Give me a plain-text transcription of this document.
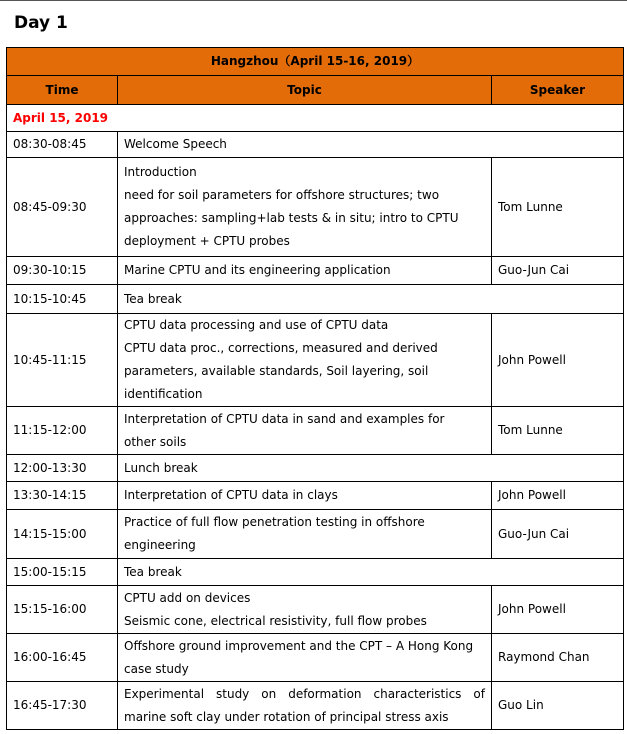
Day 1
Hangzhou（April 15-16, 2019）		
Time	Topic	Speaker
April 15, 2019		
08:30-08:45	Welcome Speech	

08:45-09:30	Introduction
need for soil parameters for offshore structures; two
approaches: sampling+lab tests & in situ; intro to CPTU
deployment + CPTU probes	Tom Lunne
09:30-10:15	Marine CPTU and its engineering application	Guo-Jun Cai
10:15-10:45	Tea break	

10:45-11:15	CPTU data processing and use of CPTU data
CPTU data proc., corrections, measured and derived
parameters, available standards, Soil layering, soil
identification	John Powell
11:15-12:00	Interpretation of CPTU data in sand and examples for
other soils	Tom Lunne
12:00-13:30	Lunch break	

13:30-14:15	Interpretation of CPTU data in clays	John Powell
14:15-15:00	Practice of full flow penetration testing in offshore
engineering	Guo-Jun Cai
15:00-15:15	Tea break	

15:15-16:00	CPTU add on devices
Seismic cone, electrical resistivity, full flow probes	John Powell
16:00-16:45	Offshore ground improvement and the CPT – A Hong Kong
case study	Raymond Chan
16:45-17:30	Experimental study on deformation characteristics of
marine soft clay under rotation of principal stress axis	Guo Lin
